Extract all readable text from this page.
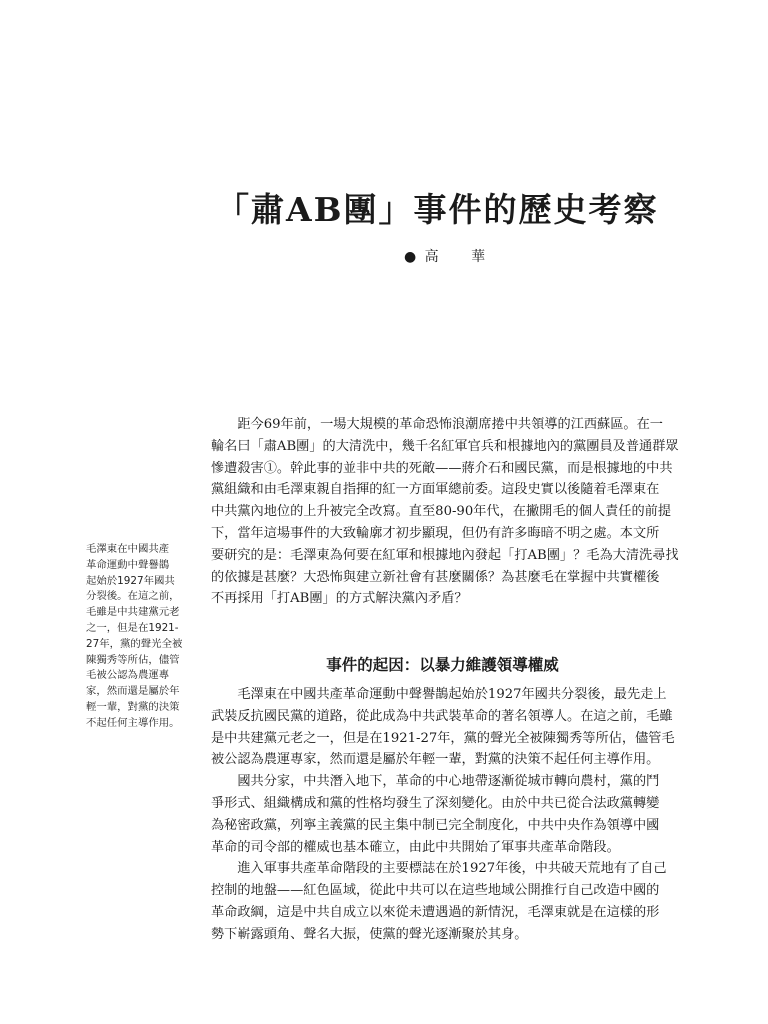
「肅AB團」事件的歷史考察
● 高 華
　　距今69年前，一場大規模的革命恐怖浪潮席捲中共領導的江西蘇區。在一
輪名曰「肅AB團」的大清洗中，幾千名紅軍官兵和根據地內的黨團員及普通群眾
慘遭殺害①。幹此事的並非中共的死敵——蔣介石和國民黨，而是根據地的中共
黨組織和由毛澤東親自指揮的紅一方面軍總前委。這段史實以後隨着毛澤東在
中共黨內地位的上升被完全改寫。直至80-90年代，在撇開毛的個人責任的前提
下，當年這場事件的大致輪廓才初步顯現，但仍有許多晦暗不明之處。本文所
要研究的是：毛澤東為何要在紅軍和根據地內發起「打AB團」？毛為大清洗尋找
的依據是甚麼？大恐怖與建立新社會有甚麼關係？為甚麼毛在掌握中共實權後
不再採用「打AB團」的方式解決黨內矛盾？
毛澤東在中國共產
革命運動中聲譽鵲
起始於1927年國共
分裂後。在這之前，
毛雖是中共建黨元老
之一，但是在1921-
27年，黨的聲光全被
陳獨秀等所佔，儘管
毛被公認為農運專
家，然而還是屬於年
輕一輩，對黨的決策
不起任何主導作用。
事件的起因：以暴力維護領導權威
　　毛澤東在中國共產革命運動中聲譽鵲起始於1927年國共分裂後，最先走上
武裝反抗國民黨的道路，從此成為中共武裝革命的著名領導人。在這之前，毛雖
是中共建黨元老之一，但是在1921-27年，黨的聲光全被陳獨秀等所佔，儘管毛
被公認為農運專家，然而還是屬於年輕一輩，對黨的決策不起任何主導作用。
　　國共分家，中共潛入地下，革命的中心地帶逐漸從城市轉向農村，黨的鬥
爭形式、組織構成和黨的性格均發生了深刻變化。由於中共已從合法政黨轉變
為秘密政黨，列寧主義黨的民主集中制已完全制度化，中共中央作為領導中國
革命的司令部的權威也基本確立，由此中共開始了軍事共產革命階段。
　　進入軍事共產革命階段的主要標誌在於1927年後，中共破天荒地有了自己
控制的地盤——紅色區域，從此中共可以在這些地域公開推行自己改造中國的
革命政綱，這是中共自成立以來從未遭遇過的新情況，毛澤東就是在這樣的形
勢下嶄露頭角、聲名大振，使黨的聲光逐漸聚於其身。
